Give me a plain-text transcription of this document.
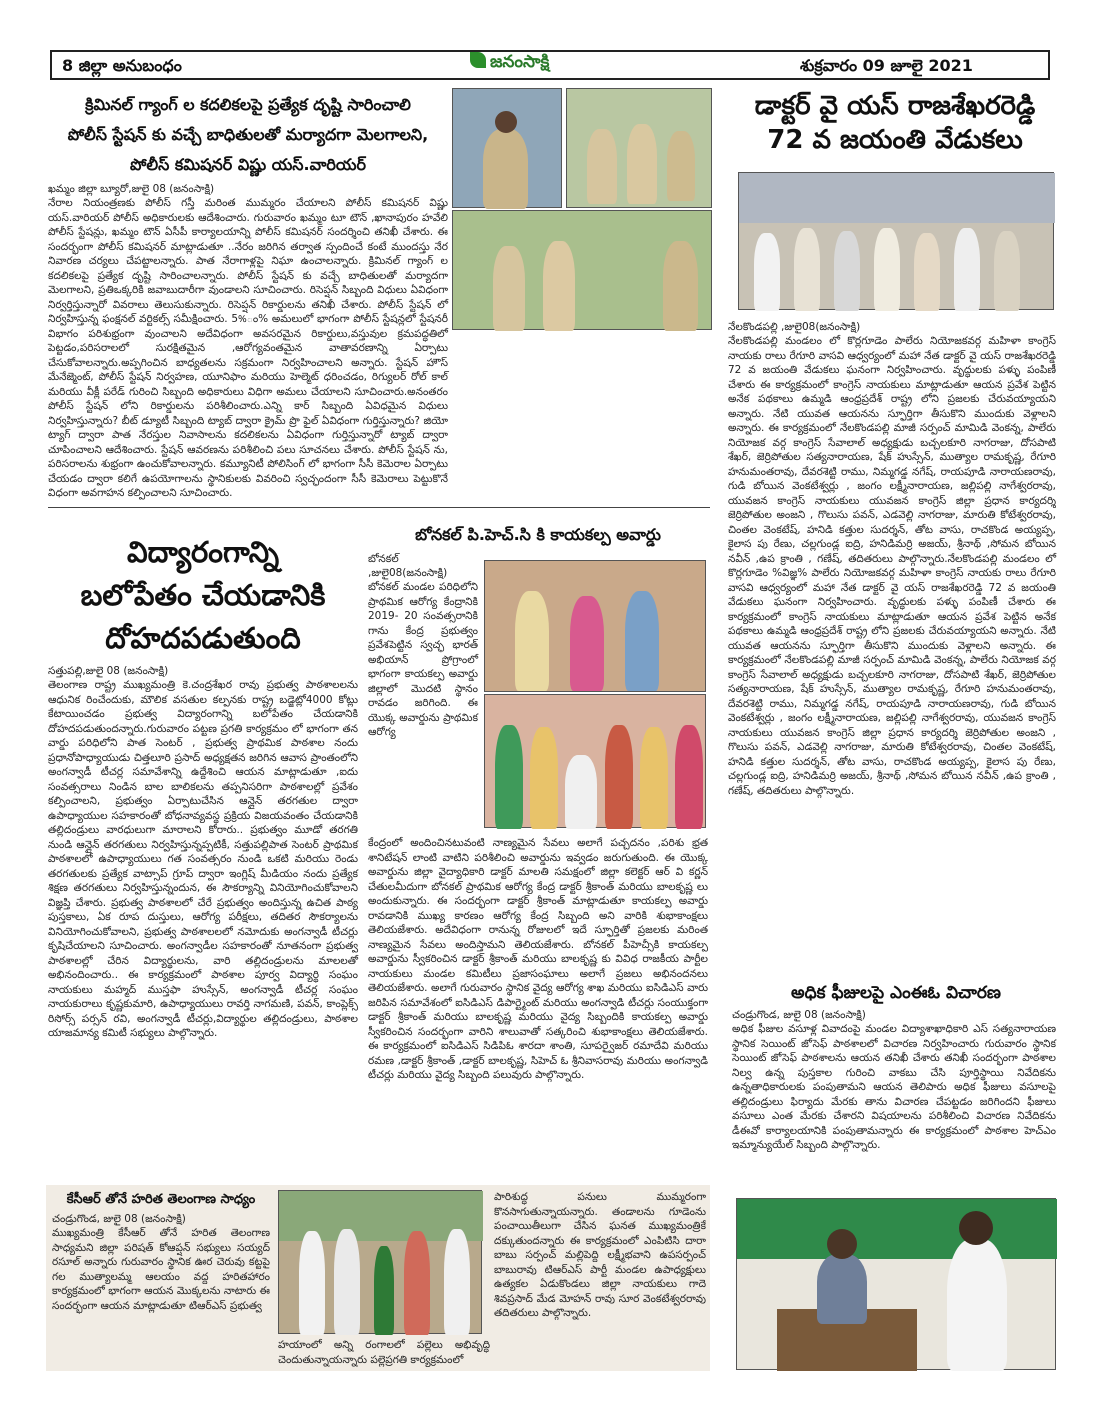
8 జిల్లా అనుబంధం	జనంసాక్షి	శుక్రవారం 09 జూలై 2021
క్రిమినల్ గ్యాంగ్ ల కదలికలపై ప్రత్యేక దృష్టి సారించాలి
పోలీస్ స్టేషన్ కు వచ్చే బాధితులతో మర్యాదగా మెలగాలని,
పోలీస్ కమిషనర్ విష్ణు యస్.వారియర్
ఖమ్మం జిల్లా బ్యూరో,జులై 08 (జనంసాక్షి)
నేరాల నియంత్రణకు పోలీస్ గస్తీ మరింత ముమ్మరం చేయాలని పోలీస్ కమిషనర్ విష్ణు యస్.వారియర్ పోలీస్ అధికారులకు ఆదేశించారు. గురువారం ఖమ్మం టూ టౌన్ ,ఖానాపురం హవేలి పోలీస్ స్టేషన్లు, ఖమ్మం టౌన్ ఏసీపీ కార్యాలయాన్ని పోలీస్ కమిషనర్ సందర్శించి తనిఖీ చేశారు. ఈ సందర్భంగా పోలీస్ కమిషనర్ మాట్లాడుతూ ..నేరం జరిగిన తర్వాత స్పందించే కంటే ముందస్తు నేర నివారణ చర్యలు చేపట్టాలన్నారు. పాత నేరాగాళ్లపై నిఘా ఉంచాలన్నారు. క్రిమినల్ గ్యాంగ్ ల కదలికలపై ప్రత్యేక దృష్టి సారించాలన్నారు. పోలీస్ స్టేషన్ కు వచ్చే బాధితులతో మర్యాదగా మెలగాలని, ప్రతిఒక్కరికి జవాబుదారీగా వుండాలని సూచించారు. రిసెప్షన్ సిబ్బంది విధులు ఏవిధంగా నిర్వర్తిస్తున్నారో వివరాలు తెలుసుకున్నారు. రిసెప్షన్ రికార్డులను తనిఖీ చేశారు. పోలీస్ స్టేషన్ లో నిర్వహిస్తున్న ఫంక్షనల్ వర్టికల్స్ సమీక్షించారు. 5%ం% అమలులో భాగంగా పోలీస్ స్టేషన్లలో స్టేషనరీ విభాగం పరిశుభ్రంగా వుంచాలని అదేవిధంగా అవసరమైన రికార్డులు,వస్తువుల క్రమపద్ధతిలో పెట్టడం,పరిసరాలలో సురక్షితమైన ,ఆరోగ్యవంతమైన వాతావరణాన్ని ఏర్పాటు చేసుకోవాలన్నారు.అప్పగించిన బాధ్యతలను సక్రమంగా నిర్వహించాలని అన్నారు. స్టేషన్ హౌస్ మేనేజ్మెంట్, పోలీస్ స్టేషన్ నిర్వహణ, యూనిఫాం మరియు హెల్మెట్ ధరించడం, రిగ్యులర్ రోల్ కాల్ మరియు వీక్లీ పరేడ్ గురించి సిబ్బంది అధికారులు విధిగా అమలు చేయాలని సూచించారు.అనంతరం పోలీస్ స్టేషన్ లోని రికార్డులను పరిశీలించారు.ఎన్ని కార్ సిబ్బంది ఏవిధమైన విధులు నిర్వహిస్తున్నారు? బీట్ డ్యూటీ సిబ్బంది ట్యాబ్ ద్వారా క్రైమ్ ప్రొ ఫైల్ ఏవిధంగా గుర్తిస్తున్నారు? జియో ట్యాగ్ ద్వారా పాత నేరస్తుల నివాసాలను కదలికలను ఏవిధంగా గుర్తిస్తున్నారో ట్యాబ్ ద్వారా చూపించాలని ఆదేశించారు. స్టేషన్ ఆవరణను పరిశీలించి పలు సూచనలు చేశారు. పోలీస్ స్టేషన్ ను, పరిసరాలను శుభ్రంగా ఉంచుకోవాలన్నారు. కమ్యూనిటీ పోలిసింగ్ లో భాగంగా సీసీ కెమెరాల ఏర్పాటు చేయడం ద్వారా కలిగే ఉపయోగాలను స్థానికులకు వివరించి స్వచ్ఛందంగా సీసీ కెమెరాలు పెట్టుకొనే విధంగా అవగాహన కల్పించాలని సూచించారు.
డాక్టర్ వై యస్ రాజశేఖరరెడ్డి
72 వ జయంతి వేడుకలు
నేలకొండపల్లి ,జులై08(జనంసాక్షి)
నేలకొండపల్లి మండలం లో కొర్లగూడెం పాలేరు నియోజకవర్గ మహిళా కాంగ్రెస్ నాయకు రాలు రేగూరి వాసవి ఆధ్వర్యంలో మహా నేత డాక్టర్ వై యస్ రాజశేఖరరెడ్డి 72 వ జయంతి వేడుకలు ఘనంగా నిర్వహించారు. వృద్ధులకు పళ్ళు పంపిణీ చేశారు ఈ కార్యక్రమంలో కాంగ్రెస్ నాయకులు మాట్లాడుతూ ఆయన ప్రవేశ పెట్టిన అనేక పథకాలు ఉమ్మడి ఆంధ్రప్రదేశ్ రాష్ట్ర లోని ప్రజలకు చేరువయ్యాయని అన్నారు. నేటి యువత ఆయనను స్ఫూర్తిగా తీసుకొని ముందుకు వెళ్లాలని అన్నారు. ఈ కార్యక్రమంలో నేలకొండపల్లి మాజీ సర్పంచ్ మామిడి వెంకన్న, పాలేరు నియోజక వర్గ కాంగ్రెస్ సేవాలాల్ అధ్యక్షుడు బచ్చలకూరి నాగరాజు, దోసపాటి శేఖర్, జెర్రిపోతుల సత్యనారాయణ, షేక్ హుస్సేన్, ముత్యాల రామకృష్ణ, రేగూరి హనుమంతరావు, దేవరశెట్టి రాము, నిమ్మగడ్డ నగేష్, రాయపూడి నారాయణరావు, గుడి బోయిన వెంకటేశ్వర్లు , జంగం లక్ష్మీనారాయణ, జల్లిపల్లి నాగేశ్వరరావు, యువజన కాంగ్రెస్ నాయకులు యువజన కాంగ్రెస్ జిల్లా ప్రధాన కార్యదర్శి జెర్రిపోతుల అంజని , గొలుసు పవన్, ఎడవెల్లి నాగరాజు, మారుతి కోటేశ్వరరావు, చింతల వెంకటేష్, హనిడి కత్తుల సుదర్శన్, తోట వాసు, రాచకొండ అయ్యప్ప, కైలాస పు రేణు, చల్లగుండ్ల ఐద్రి, హనిడిమర్రి అజయ్, శ్రీనాథ్ ,సోమన బోయిన నవీన్ ,ఉప క్రాంతి , గణేష్, తదితరులు పాల్గొన్నారు.నేలకొండపల్లి మండలం లో కొర్లగూడెం %విజ్ఞ% పాలేరు నియోజకవర్గ మహిళా కాంగ్రెస్ నాయకు రాలు రేగూరి వాసవి ఆధ్వర్యంలో మహా నేత డాక్టర్ వై యస్ రాజశేఖరరెడ్డి 72 వ జయంతి వేడుకలు ఘనంగా నిర్వహించారు. వృద్ధులకు పళ్ళు పంపిణీ చేశారు ఈ కార్యక్రమంలో కాంగ్రెస్ నాయకులు మాట్లాడుతూ ఆయన ప్రవేశ పెట్టిన అనేక పథకాలు ఉమ్మడి ఆంధ్రప్రదేశ్ రాష్ట్ర లోని ప్రజలకు చేరువయ్యాయని అన్నారు. నేటి యువత ఆయనను స్ఫూర్తిగా తీసుకొని ముందుకు వెళ్లాలని అన్నారు. ఈ కార్యక్రమంలో నేలకొండపల్లి మాజీ సర్పంచ్ మామిడి వెంకన్న, పాలేరు నియోజక వర్గ కాంగ్రెస్ సేవాలాల్ అధ్యక్షుడు బచ్చలకూరి నాగరాజు, దోసపాటి శేఖర్, జెర్రిపోతుల సత్యనారాయణ, షేక్ హుస్సేన్, ముత్యాల రామకృష్ణ, రేగూరి హనుమంతరావు, దేవరశెట్టి రాము, నిమ్మగడ్డ నగేష్, రాయపూడి నారాయణరావు, గుడి బోయిన వెంకటేశ్వర్లు , జంగం లక్ష్మీనారాయణ, జల్లిపల్లి నాగేశ్వరరావు, యువజన కాంగ్రెస్ నాయకులు యువజన కాంగ్రెస్ జిల్లా ప్రధాన కార్యదర్శి జెర్రిపోతుల అంజని , గొలుసు పవన్, ఎడవెల్లి నాగరాజు, మారుతి కోటేశ్వరరావు, చింతల వెంకటేష్, హనిడి కత్తుల సుదర్శన్, తోట వాసు, రాచకొండ అయ్యప్ప, కైలాస పు రేణు, చల్లగుండ్ల ఐద్రి, హనిడిమర్రి అజయ్, శ్రీనాథ్ ,సోమన బోయిన నవీన్ ,ఉప క్రాంతి , గణేష్, తదితరులు పాల్గొన్నారు.
విద్యారంగాన్ని
బలోపేతం చేయడానికి
దోహదపడుతుంది
సత్తుపల్లి,జులై 08 (జనంసాక్షి)
తెలంగాణ రాష్ట్ర ముఖ్యమంత్రి కె.చంద్రశేఖర రావు ప్రభుత్వ పాఠశాలలను ఆధునిక రించేందుకు, మౌలిక వసతుల కల్పనకు రాష్ట్ర బడ్జెట్లో4000 కోట్లు కేటాయించడం ప్రభుత్వ విద్యారంగాన్ని బలోపేతం చేయడానికి దోహదపడుతుందన్నారు.గురువారం పట్టణ ప్రగతి కార్యక్రమం లో భాగంగా తన వార్డు పరిధిలోని పాత సెంటర్ , ప్రభుత్వ ప్రాథమిక పాఠశాల నందు ప్రధానోపాధ్యాయుడు చిత్తలూరి ప్రసాద్ అధ్యక్షతన జరిగిన ఆవాస ప్రాంతంలోని అంగన్వాడీ టీచర్ల సమావేశాన్ని ఉద్దేశించి ఆయన మాట్లాడుతూ ,ఐదు సంవత్సరాలు నిండిన బాల బాలికలను తప్పనిసరిగా పాఠశాలల్లో ప్రవేశం కల్పించాలని, ప్రభుత్వం ఏర్పాటుచేసిన ఆన్లైన్ తరగతుల ద్వారా ఉపాధ్యాయుల సహకారంతో బోధనావ్యవస్థ ప్రక్రియ విజయవంతం చేయడానికి తల్లిదండ్రులు వారధులుగా మారాలని కోరారు.. ప్రభుత్వం మూడో తరగతి నుండి ఆన్లైన్ తరగతులు నిర్వహిస్తున్నప్పటికీ, సత్తుపల్లిపాత సెంటర్ ప్రాథమిక పాఠశాలలో ఉపాధ్యాయులు గత సంవత్సరం నుండి ఒకటి మరియు రెండు తరగతులకు ప్రత్యేక వాట్సాప్ గ్రూప్ ద్వారా ఇంగ్లిష్ మీడియం నందు ప్రత్యేక శిక్షణ తరగతులు నిర్వహిస్తున్నందున, ఈ సౌకర్యాన్ని వినియోగించుకోవాలని విజ్ఞప్తి చేశారు. ప్రభుత్వ పాఠశాలలో చేరే ప్రభుత్వం అందిస్తున్న ఉచిత పాఠ్య పుస్తకాలు, ఏక రూప దుస్తులు, ఆరోగ్య పరీక్షలు, తదితర సౌకర్యాలను వినియోగించుకోవాలని, ప్రభుత్వ పాఠశాలలలో నమోదుకు అంగన్వాడీ టీచర్లు కృషిచేయాలని సూచించారు. అంగన్వాడీల సహకారంతో నూతనంగా ప్రభుత్వ పాఠశాలల్లో చేరిన విద్యార్థులను, వారి తల్లిదండ్రులను మాలలతో అభినందించారు.. ఈ కార్యక్రమంలో పాఠశాల పూర్వ విద్యార్థి సంఘం నాయకులు మహ్మద్ ముస్తఫా హుస్సేన్, అంగన్వాడీ టీచర్ల సంఘం నాయకురాలు కృష్ణకుమారి, ఉపాధ్యాయులు రావర్తి నాగమణి, పవన్, కాంప్లెక్స్ రిసోర్స్ పర్సన్ రవి, అంగన్వాడీ టీచర్లు,విద్యార్థుల తల్లిదండ్రులు, పాఠశాల యాజమాన్య కమిటీ సభ్యులు పాల్గొన్నారు.
బోనకల్ పి.హెచ్.సి కి కాయకల్ప అవార్డు
బోనకల్ ,జులై08(జనంసాక్షి)
బోనకల్ మండల పరిధిలోని ప్రాథమిక ఆరోగ్య కేంద్రానికి 2019- 20 సంవత్సరానికి గాను కేంద్ర ప్రభుత్వం ప్రవేశపెట్టిన స్వచ్ఛ భారత్ అభియాన్ ప్రోగ్రాంలో భాగంగా కాయకల్ప అవార్డు జిల్లాలో మొదటి స్థానం రావడం జరిగింది. ఈ యొక్క అవార్డును ప్రాథమిక ఆరోగ్య
కేంద్రంలో అందించినటువంటి నాణ్యమైన సేవలు అలాగే పచ్చదనం ,పరిశు భ్రత శానిటేషన్ లాంటి వాటిని పరిశీలించి అవార్డును ఇవ్వడం జరుగుతుంది. ఈ యొక్క అవార్డును జిల్లా వైద్యాధికారి డాక్టర్ మాలతి సమక్షంలో జిల్లా కలెక్టర్ ఆర్ వి కర్ణన్ చేతులమీదుగా బోనకల్ ప్రాథమిక ఆరోగ్య కేంద్ర డాక్టర్ శ్రీకాంత్ మరియు బాలకృష్ణ లు అందుకున్నారు. ఈ సందర్భంగా డాక్టర్ శ్రీకాంత్ మాట్లాడుతూ కాయకల్ప అవార్డు రావడానికి ముఖ్య కారణం ఆరోగ్య కేంద్ర సిబ్బంది అని వారికి శుభాకాంక్షలు తెలియజేశారు. అదేవిధంగా రానున్న రోజులలో ఇదే స్ఫూర్తితో ప్రజలకు మరింత నాణ్యమైన సేవలు అందిస్తామని తెలియజేశారు. బోనకల్ పీహెచ్సీకి కాయకల్ప అవార్డును స్వీకరించిన డాక్టర్ శ్రీకాంత్ మరియు బాలకృష్ణ కు వివిధ రాజకీయ పార్టీల నాయకులు మండల కమిటీలు ప్రజాసంఘాలు అలాగే ప్రజలు అభినందనలు తెలియజేశారు. అలాగే గురువారం స్థానిక వైద్య ఆరోగ్య శాఖ మరియు ఐసిడిఎస్ వారు జరిపిన సమావేశంలో ఐసిడిఎస్ డిపార్ట్మెంట్ మరియు అంగన్వాడి టీచర్లు సంయుక్తంగా డాక్టర్ శ్రీకాంత్ మరియు బాలకృష్ణ మరియు వైద్య సిబ్బందికి కాయకల్ప అవార్డు స్వీకరించిన సందర్భంగా వారిని శాలువాతో సత్కరించి శుభాకాంక్షలు తెలియజేశారు. ఈ కార్యక్రమంలో ఐసిడిఎస్ సిడిపిఓ శారదా శాంతి, సూపర్వైజర్ రమాదేవి మరియు రమణ ,డాక్టర్ శ్రీకాంత్ ,డాక్టర్ బాలకృష్ణ, సిహెచ్ ఓ శ్రీనివాసరావు మరియు అంగన్వాడి టీచర్లు మరియు వైద్య సిబ్బంది పలువురు పాల్గొన్నారు.
అధిక ఫీజులపై ఎంఈఓ విచారణ
చండ్రుగొండ, జులై 08 (జనంసాక్షి)
అధిక ఫీజుల వసూళ్ల వివాదంపై మండల విద్యాశాఖాధికారి ఎస్ సత్యనారాయణ స్థానిక సెయింట్ జోసెఫ్ పాఠశాలలో విచారణ నిర్వహించారు గురువారం స్థానిక సెయింట్ జోసెఫ్ పాఠశాలను ఆయన తనిఖీ చేశారు తనిఖీ సందర్భంగా పాఠశాల నిల్వ ఉన్న పుస్తకాల గురించి వాకబు చేసి పూర్తిస్థాయి నివేదికను ఉన్నతాధికారులకు పంపుతామని ఆయన తెలిపారు అధిక ఫీజులు వసూలపై తల్లిదండ్రులు ఫిర్యాదు మేరకు తాను విచారణ చేపట్టడం జరిగిందని ఫీజులు వసూలు ఎంత మేరకు చేశారని విషయాలను పరిశీలించి విచారణ నివేదికను డీఈవో కార్యాలయానికి పంపుతామన్నారు ఈ కార్యక్రమంలో పాఠశాల హెచ్ఎం ఇమ్మాన్యుయేల్ సిబ్బంది పాల్గొన్నారు.
కేసీఆర్ తోనే హరిత తెలంగాణ సాధ్యం
చండ్రుగొండ, జులై 08 (జనంసాక్షి)
ముఖ్యమంత్రి కేసీఆర్ తోనే హరిత తెలంగాణ సాధ్యమని జిల్లా పరిషత్ కోఆప్షన్ సభ్యులు సయ్యద్ రసూల్ అన్నారు గురువారం స్థానిక ఊర చెరువు కట్టపై గల ముత్యాలమ్మ ఆలయం వద్ద హరితహారం కార్యక్రమంలో భాగంగా ఆయన మొక్కలను నాటారు ఈ సందర్భంగా ఆయన మాట్లాడుతూ టిఆర్ఎస్ ప్రభుత్వ
హయాంలో అన్ని రంగాలలో పల్లెలు అభివృద్ధి చెందుతున్నాయన్నారు పల్లెప్రగతి కార్యక్రమంలో
పారిశుద్ధ పనులు ముమ్మరంగా కొనసాగుతున్నాయన్నారు. తండాలను గూడెంను పంచాయితీలుగా చేసిన ఘనత ముఖ్యమంత్రికే దక్కుతుందన్నారు ఈ కార్యక్రమంలో ఎంపిటిసి దారా బాబు సర్పంచ్ మల్లిపెద్ది లక్ష్మీభవాని ఉపసర్పంచ్ బాబురావు టిఆర్ఎస్ పార్టీ మండల ఉపాధ్యక్షులు ఉత్యకల ఏడుకొండలు జిల్లా నాయకులు గాదె శివప్రసాద్ మేడ మోహన్ రావు సూర వెంకటేశ్వరరావు తదితరులు పాల్గొన్నారు.
